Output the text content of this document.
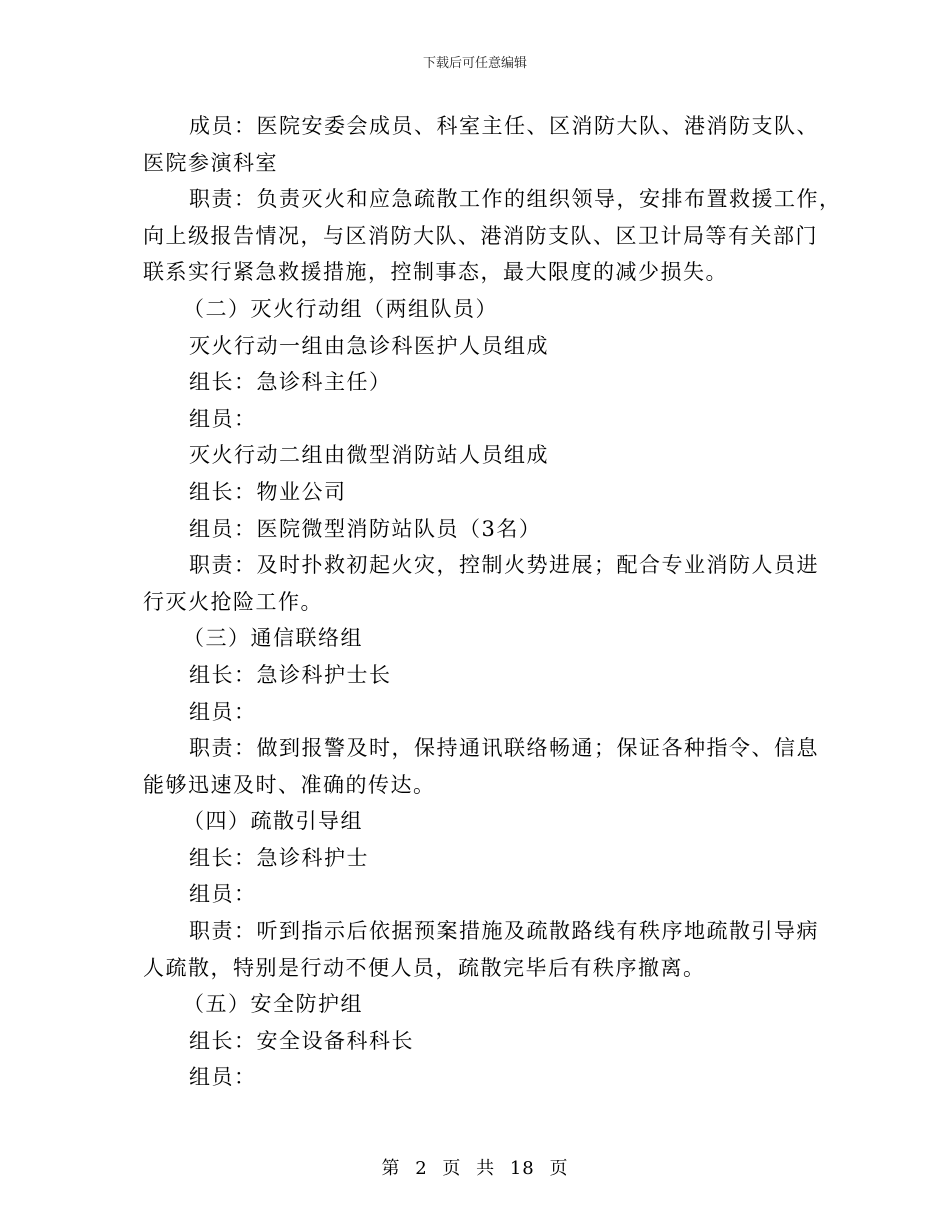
下载后可任意编辑

成员：医院安委会成员、科室主任、区消防大队、港消防支队、

医院参演科室

职责：负责灭火和应急疏散工作的组织领导，安排布置救援工作，

向上级报告情况，与区消防大队、港消防支队、区卫计局等有关部门

联系实行紧急救援措施，控制事态，最大限度的减少损失。

（二）灭火行动组（两组队员）

灭火行动一组由急诊科医护人员组成

组长：急诊科主任）

组员：

灭火行动二组由微型消防站人员组成

组长：物业公司

组员：医院微型消防站队员（3名）

职责：及时扑救初起火灾，控制火势进展；配合专业消防人员进

行灭火抢险工作。

（三）通信联络组

组长：急诊科护士长

组员：

职责：做到报警及时，保持通讯联络畅通；保证各种指令、信息

能够迅速及时、准确的传达。

（四）疏散引导组

组长：急诊科护士

组员：

职责：听到指示后依据预案措施及疏散路线有秩序地疏散引导病

人疏散，特别是行动不便人员，疏散完毕后有秩序撤离。

（五）安全防护组

组长：安全设备科科长

组员：

第 2 页 共 18 页
